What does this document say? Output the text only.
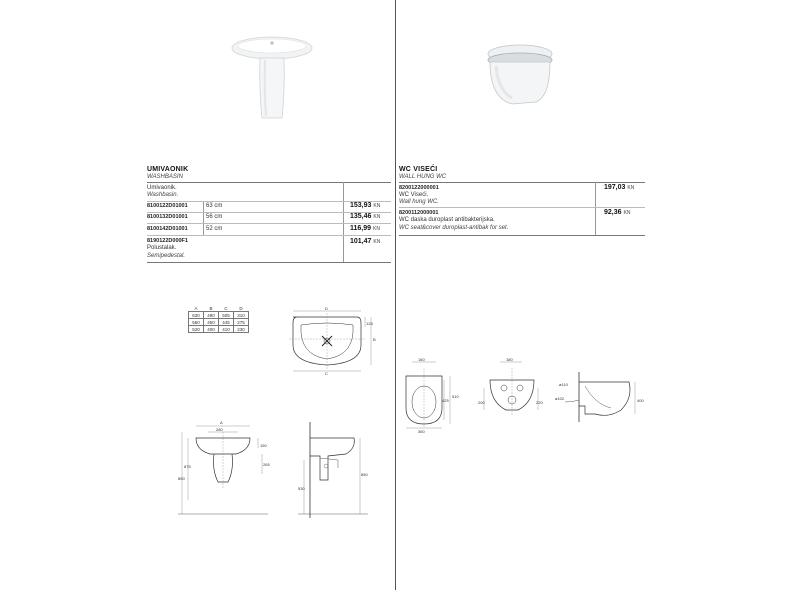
UMIVAONIK
WASHBASIN
Umivaonik.
Washbasin.
8100122D01001	63 cm	153,93 KN
8100132D01001	56 cm	135,46 KN
8100142D01001	52 cm	116,99 KN
8190122D000F1
Polustalak.
Semipedestal.
101,47 KN
WC VISEĆI
WALL HUNG WC
8200122000001
WC Viseći.
Wall hung WC.
197,03 KN
8200112000001
WC daska duroplast antibakterijska.
WC seat&cover duroplast-antibak for set.
92,36 KN
A	B	C	D
630	490	505	310
560	450	445	275
520	400	410	230
D
128
B
C
A
280
150
875
850
265
530
850
160
510
425
360
180
200	220
ø110
ø102	400
